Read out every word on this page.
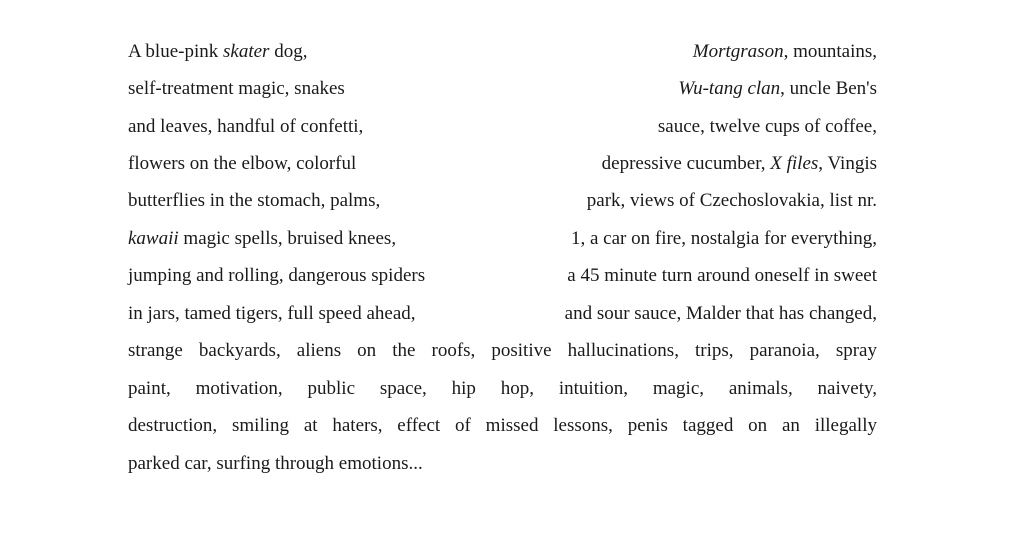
A blue-pink skater dog,
self-treatment magic, snakes
and leaves, handful of confetti,
flowers on the elbow, colorful
butterflies in the stomach, palms,
kawaii magic spells, bruised knees,
jumping and rolling, dangerous spiders
in jars, tamed tigers, full speed ahead,
Mortgrason, mountains,
Wu-tang clan, uncle Ben's
sauce, twelve cups of coffee,
depressive cucumber, X files, Vingis
park, views of Czechoslovakia, list nr.
1, a car on fire, nostalgia for everything,
a 45 minute turn around oneself in sweet
and sour sauce, Malder that has changed,
strange backyards, aliens on the roofs, positive hallucinations, trips, paranoia, spray
paint, motivation, public space, hip hop, intuition, magic, animals, naivety,
destruction, smiling at haters, effect of missed lessons, penis tagged on an illegally
parked car, surfing through emotions...
